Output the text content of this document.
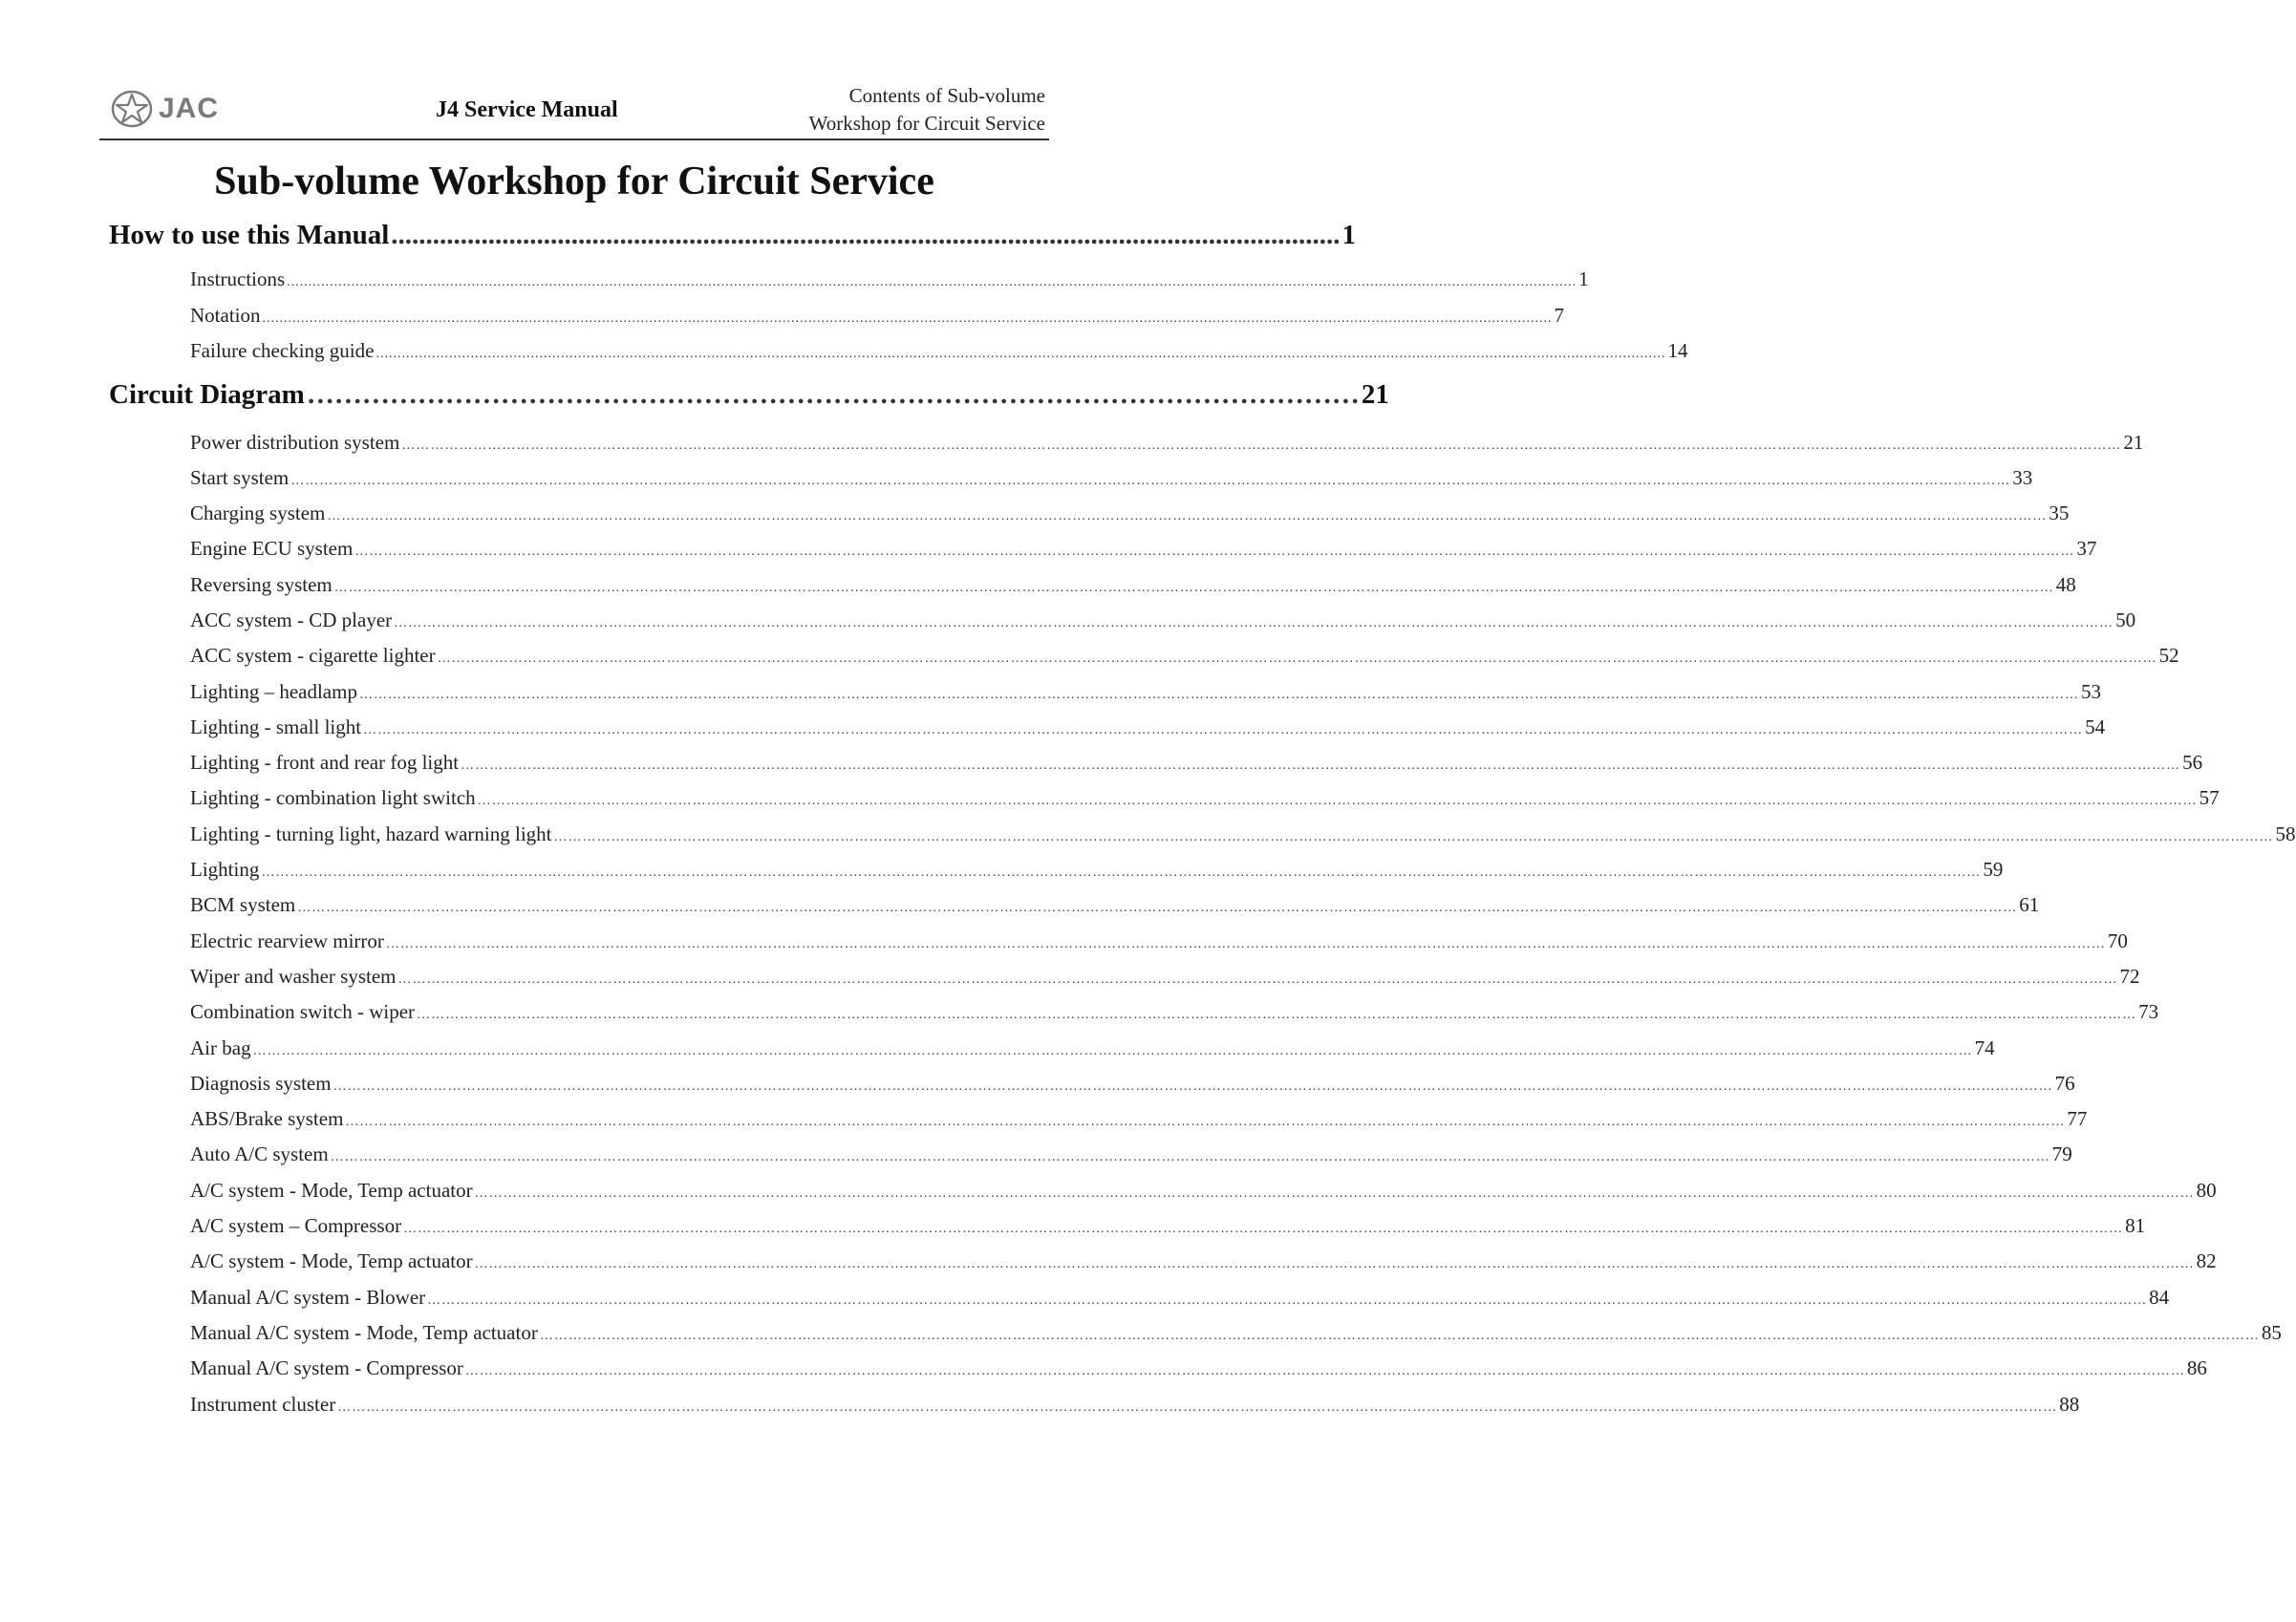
JAC	J4 Service Manual
Contents of Sub-volume
Workshop for Circuit Service
Sub-volume Workshop for Circuit Service
How to use this Manual ......................................................................................................................................... 1
Instructions ............................................................................................................................................................................................................................................................................................................ 1
Notation ............................................................................................................................................................................................................................................................................................................ 7
Failure checking guide ............................................................................................................................................................................................................................................................................................................ 14
Circuit Diagram …………………………………………………………………………………………………… 21
Power distribution system ……………………………………………………………………………………………………………………………………………………………………………………………………………………………………………………………………………………………………………………………… 21
Start system ……………………………………………………………………………………………………………………………………………………………………………………………………………………………………………………………………………………………………………………………… 33
Charging system ……………………………………………………………………………………………………………………………………………………………………………………………………………………………………………………………………………………………………………………………… 35
Engine ECU system ……………………………………………………………………………………………………………………………………………………………………………………………………………………………………………………………………………………………………………………………… 37
Reversing system ……………………………………………………………………………………………………………………………………………………………………………………………………………………………………………………………………………………………………………………………… 48
ACC system - CD player ……………………………………………………………………………………………………………………………………………………………………………………………………………………………………………………………………………………………………………………………… 50
ACC system - cigarette lighter ……………………………………………………………………………………………………………………………………………………………………………………………………………………………………………………………………………………………………………………………… 52
Lighting – headlamp ……………………………………………………………………………………………………………………………………………………………………………………………………………………………………………………………………………………………………………………………… 53
Lighting - small light ……………………………………………………………………………………………………………………………………………………………………………………………………………………………………………………………………………………………………………………………… 54
Lighting - front and rear fog light ……………………………………………………………………………………………………………………………………………………………………………………………………………………………………………………………………………………………………………………………… 56
Lighting - combination light switch ……………………………………………………………………………………………………………………………………………………………………………………………………………………………………………………………………………………………………………………………… 57
Lighting - turning light, hazard warning light ……………………………………………………………………………………………………………………………………………………………………………………………………………………………………………………………………………………………………………………………… 58
Lighting ……………………………………………………………………………………………………………………………………………………………………………………………………………………………………………………………………………………………………………………………… 59
BCM system ……………………………………………………………………………………………………………………………………………………………………………………………………………………………………………………………………………………………………………………………… 61
Electric rearview mirror ……………………………………………………………………………………………………………………………………………………………………………………………………………………………………………………………………………………………………………………………… 70
Wiper and washer system ……………………………………………………………………………………………………………………………………………………………………………………………………………………………………………………………………………………………………………………………… 72
Combination switch - wiper ……………………………………………………………………………………………………………………………………………………………………………………………………………………………………………………………………………………………………………………………… 73
Air bag ……………………………………………………………………………………………………………………………………………………………………………………………………………………………………………………………………………………………………………………………… 74
Diagnosis system ……………………………………………………………………………………………………………………………………………………………………………………………………………………………………………………………………………………………………………………………… 76
ABS/Brake system ……………………………………………………………………………………………………………………………………………………………………………………………………………………………………………………………………………………………………………………………… 77
Auto A/C system ……………………………………………………………………………………………………………………………………………………………………………………………………………………………………………………………………………………………………………………………… 79
A/C system - Mode, Temp actuator ……………………………………………………………………………………………………………………………………………………………………………………………………………………………………………………………………………………………………………………………… 80
A/C system – Compressor ……………………………………………………………………………………………………………………………………………………………………………………………………………………………………………………………………………………………………………………………… 81
A/C system - Mode, Temp actuator ……………………………………………………………………………………………………………………………………………………………………………………………………………………………………………………………………………………………………………………………… 82
Manual A/C system - Blower ……………………………………………………………………………………………………………………………………………………………………………………………………………………………………………………………………………………………………………………………… 84
Manual A/C system - Mode, Temp actuator ……………………………………………………………………………………………………………………………………………………………………………………………………………………………………………………………………………………………………………………………… 85
Manual A/C system - Compressor ……………………………………………………………………………………………………………………………………………………………………………………………………………………………………………………………………………………………………………………………… 86
Instrument cluster ……………………………………………………………………………………………………………………………………………………………………………………………………………………………………………………………………………………………………………………………… 88
